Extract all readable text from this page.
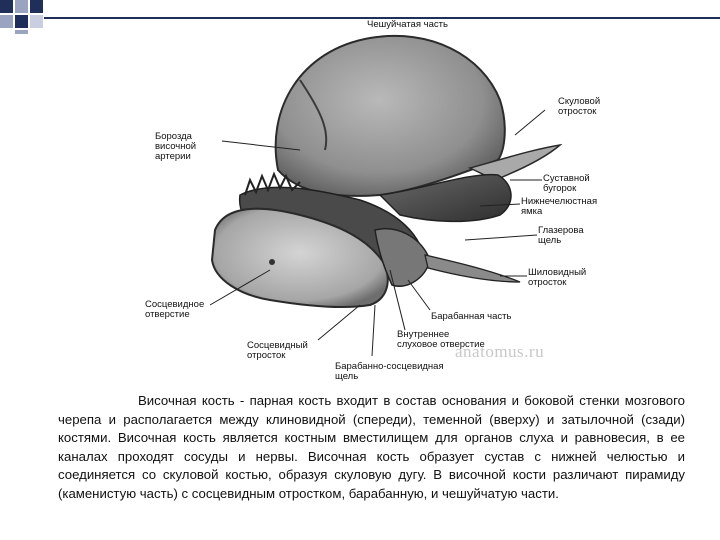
Чешуйчатая часть
Скуловой
отросток
Борозда
височной
артерии
Суставной
бугорок
Нижнечелюстная
ямка
Глазерова
щель
Шиловидный
отросток
Сосцевидное
отверстие	Барабанная часть
Сосцевидный
отросток
Внутреннее
слуховое отверстие
Барабанно-сосцевидная
щель
anatomus.ru
Височная кость - парная кость входит в состав основания и боковой стенки мозгового черепа и располагается между клиновидной (спереди), теменной (вверху) и затылочной (сзади) костями. Височная кость является костным вместилищем для органов слуха и равновесия, в ее каналах проходят сосуды и нервы. Височная кость образует сустав с нижней челюстью и соединяется со скуловой костью, образуя скуловую дугу. В височной кости различают пирамиду (каменистую часть) с сосцевидным отростком, барабанную, и чешуйчатую части.
